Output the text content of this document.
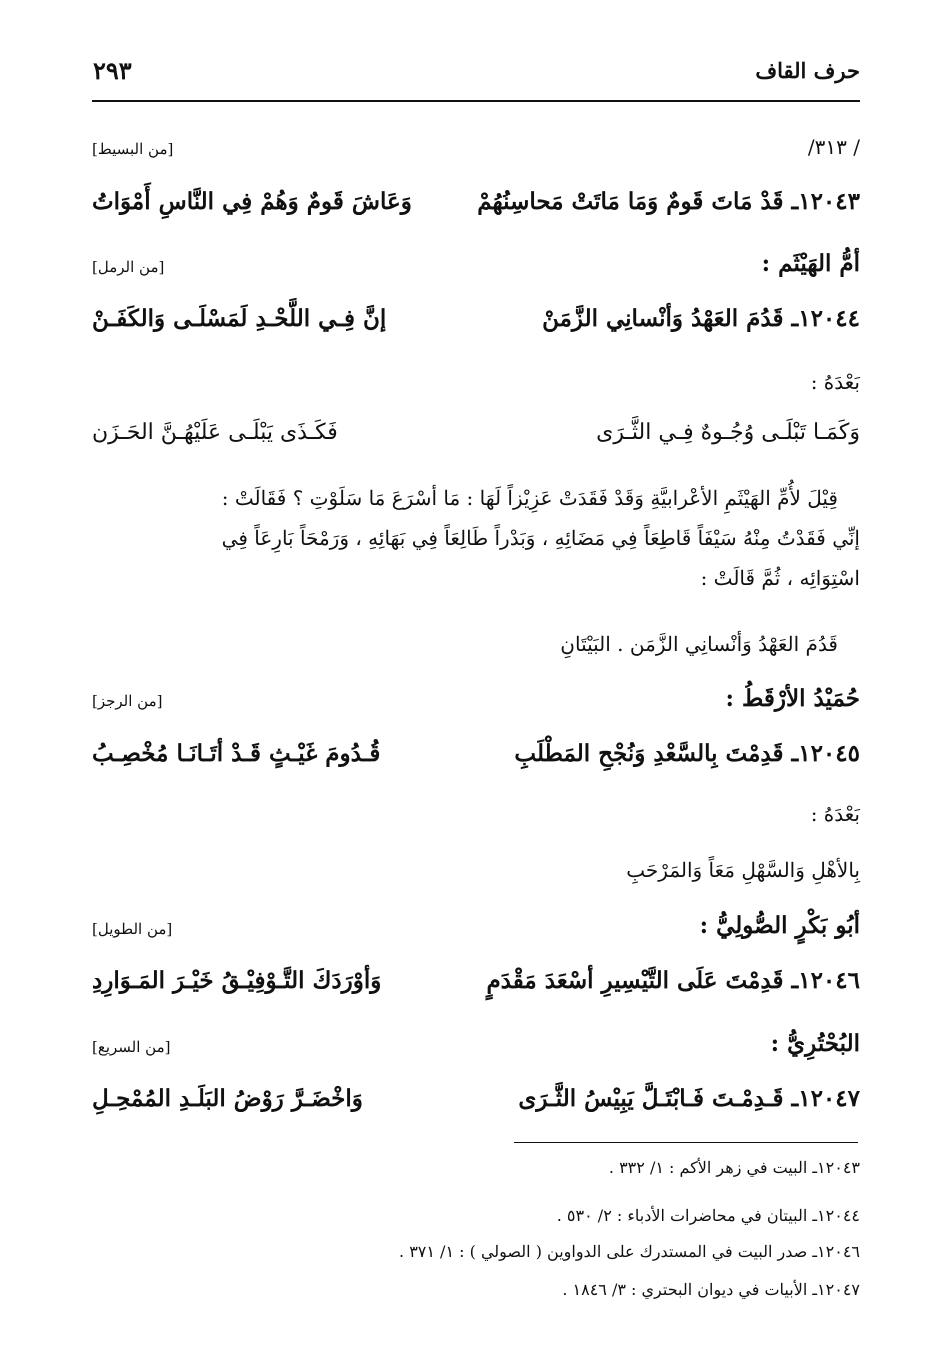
حرف القاف
٢٩٣
/ ٣١٣/
[من البسيط]
١٢٠٤٣ـ قَدْ مَاتَ قَومٌ وَمَا مَاتَتْ مَحاسِنُهُمْ
وَعَاشَ قَومٌ وَهُمْ فِي النَّاسِ أَمْوَاتُ
أمُّ الهَيْثَم :
[من الرمل]
١٢٠٤٤ـ قَدُمَ العَهْدُ وَأنْسانِي الزَّمَنْ
إنَّ فِـي اللَّحْـدِ لَمَسْلَـى وَالكَفَـنْ
بَعْدَهُ :
وَكَمَـا تَبْلَـى وُجُـوهٌ فِـي الثَّـرَى
فَكَـذَى يَبْلَـى عَلَيْهُـنَّ الحَـزَن

قِيْلَ لأُمِّ الهَيْثَمِ الأعْرابيَّةِ وَقَدْ فَقَدَتْ عَزِيْزاً لَهَا : مَا أسْرَعَ مَا سَلَوْتِ ؟ فَقَالَتْ :

إنِّي فَقَدْتُ مِنْهُ سَيْفَاً قَاطِعَاً فِي مَضَائِهِ ، وَبَدْراً طَالِعَاً فِي بَهَائِهِ ، وَرَمْحَاً بَارِعَاً فِي

اسْتِوَائِه ، ثُمَّ قَالَتْ :

قَدُمَ العَهْدُ وَأنْسانِي الزَّمَن . البَيْتَانِ
حُمَيْدُ الأرْقَطُ :
[من الرجز]
١٢٠٤٥ـ قَدِمْتَ بِالسَّعْدِ وَنُجْحِ المَطْلَبِ
قُـدُومَ غَيْـثٍ قَـدْ أتَـانَـا مُخْصِـبُ
بَعْدَهُ :
بِالأهْلِ وَالسَّهْلِ مَعَاً وَالمَرْحَبِ
أبُو بَكْرٍ الصُّولِيُّ :
[من الطويل]
١٢٠٤٦ـ قَدِمْتَ عَلَى التَّيْسِيرِ أسْعَدَ مَقْدَمٍ
وَأوْرَدَكَ التَّـوْفِيْـقُ خَيْـرَ المَـوَارِدِ
البُحْتُرِيُّ :
[من السريع]
١٢٠٤٧ـ قَـدِمْـتَ فَـابْتَـلَّ يَبِيْسُ الثَّـرَى
وَاخْضَـرَّ رَوْضُ البَلَـدِ المُمْحِـلِ
١٢٠٤٣ـ البيت في زهر الأكم : ١/ ٣٣٢ .
١٢٠٤٤ـ البيتان في محاضرات الأدباء : ٢/ ٥٣٠ .
١٢٠٤٦ـ صدر البيت في المستدرك على الدواوين ( الصولي ) : ١/ ٣٧١ .
١٢٠٤٧ـ الأبيات في ديوان البحتري : ٣/ ١٨٤٦ .
